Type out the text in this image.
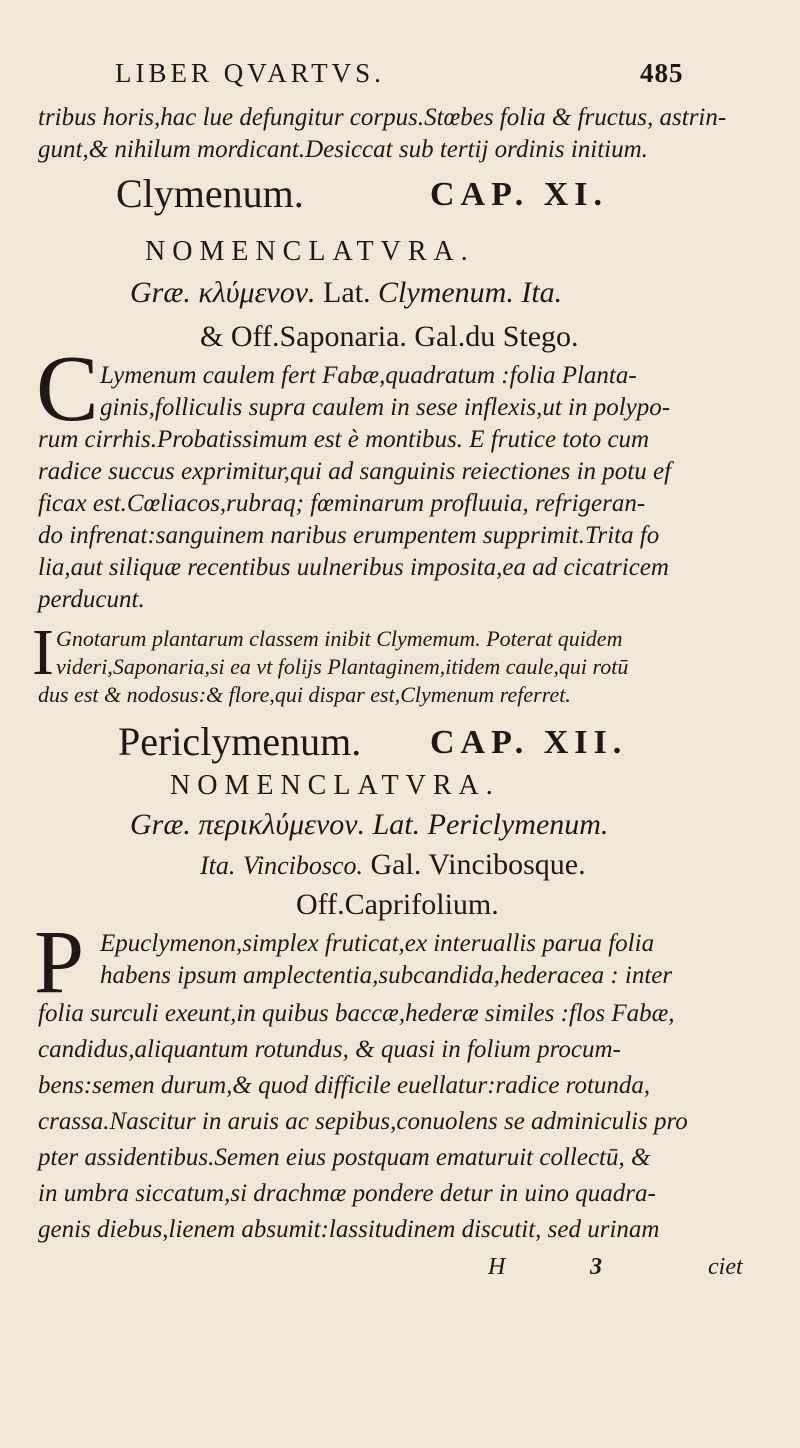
LIBER QVARTVS.	485
tribus horis,hac lue defungitur corpus.Stœbes folia & fructus, astrin-
gunt,& nihilum mordicant.Desiccat sub tertij ordinis initium.
Clymenum.	CAP. XI.
NOMENCLATVRA.
Græ. κλύμενον. Lat. Clymenum. Ita.
& Off.Saponaria. Gal.du Stego.
C Lymenum caulem fert Fabæ,quadratum :folia Planta-
ginis,folliculis supra caulem in sese inflexis,ut in polypo-
rum cirrhis.Probatissimum est è montibus. E frutice toto cum
radice succus exprimitur,qui ad sanguinis reiectiones in potu ef
ficax est.Cœliacos,rubraq; fœminarum profluuia, refrigeran-
do infrenat:sanguinem naribus erumpentem supprimit.Trita fo
lia,aut siliquæ recentibus uulneribus imposita,ea ad cicatricem
perducunt.
I Gnotarum plantarum classem inibit Clymemum. Poterat quidem
videri,Saponaria,si ea vt folijs Plantaginem,itidem caule,qui rotū
dus est & nodosus:& flore,qui dispar est,Clymenum referret.
Periclymenum. CAP. XII.
NOMENCLATVRA.
Græ. περικλύμενον. Lat. Periclymenum.
Ita. Vincibosco. Gal. Vincibosque.
Off.Caprifolium.
P Ериclymenon,simplex fruticat,ex interuallis parua folia
habens ipsum amplectentia,subcandida,hederacea : inter
folia surculi exeunt,in quibus baccæ,hederæ similes :flos Fabæ,
candidus,aliquantum rotundus, & quasi in folium procum-
bens:semen durum,& quod difficile euellatur:radice rotunda,
crassa.Nascitur in aruis ac sepibus,conuolens se adminiculis pro
pter assidentibus.Semen eius postquam ematuruit collectū, &
in umbra siccatum,si drachmæ pondere detur in uino quadra-
genis diebus,lienem absumit:lassitudinem discutit, sed urinam
H	3	ciet
